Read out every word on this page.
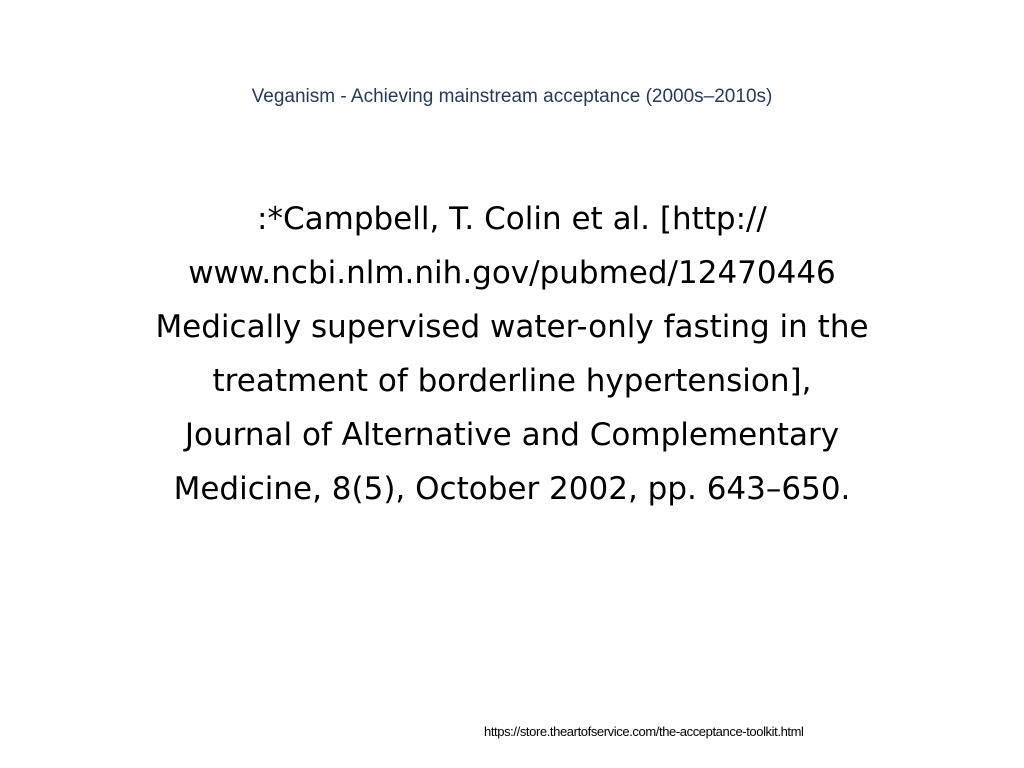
Veganism - Achieving mainstream acceptance (2000s–2010s)
:*Campbell, T. Colin et al. [http://
www.ncbi.nlm.nih.gov/pubmed/12470446
Medically supervised water-only fasting in the
treatment of borderline hypertension],
Journal of Alternative and Complementary
Medicine, 8(5), October 2002, pp. 643–650.
https://store.theartofservice.com/the-acceptance-toolkit.html
